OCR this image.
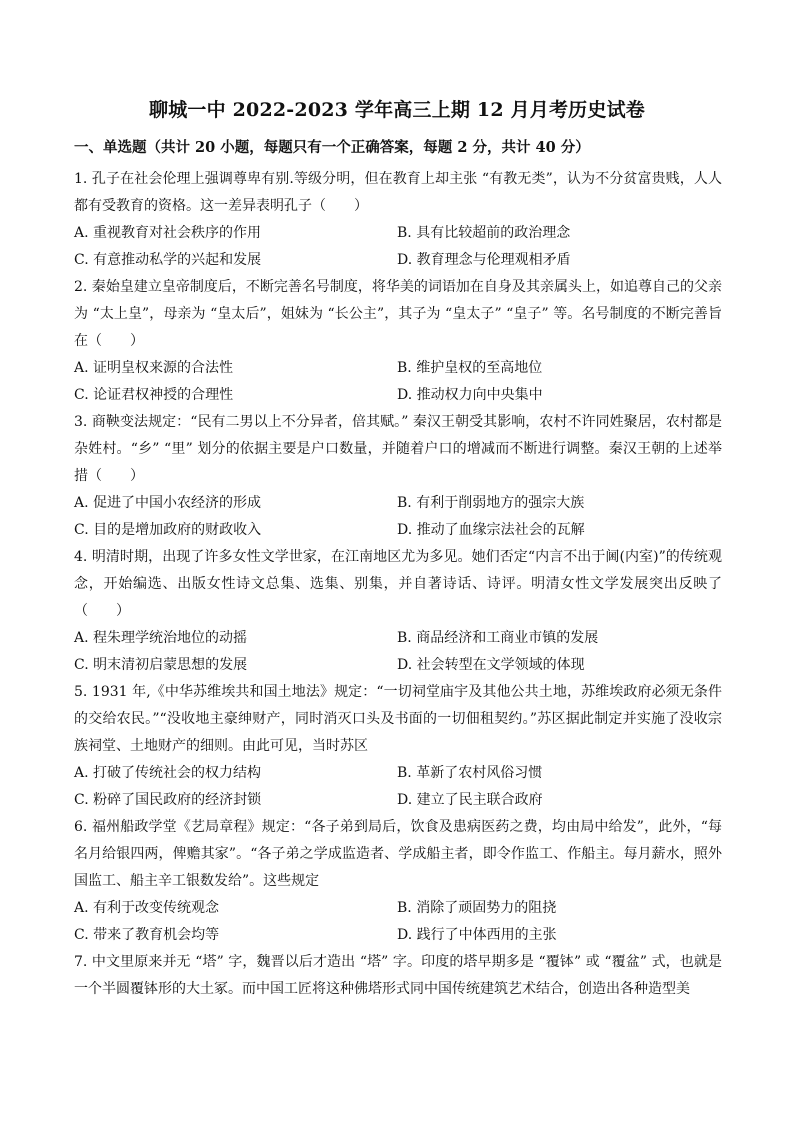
聊城一中 2022-2023 学年高三上期 12 月月考历史试卷
一、单选题（共计 20 小题，每题只有一个正确答案，每题 2 分，共计 40 分）

1. 孔子在社会伦理上强调尊卑有别.等级分明，但在教育上却主张 “有教无类”，认为不分贫富贵贱，人人都有受教育的资格。这一差异表明孔子（　　）

A. 重视教育对社会秩序的作用	B. 具有比较超前的政治理念
C. 有意推动私学的兴起和发展	D. 教育理念与伦理观相矛盾

2. 秦始皇建立皇帝制度后，不断完善名号制度，将华美的词语加在自身及其亲属头上，如追尊自己的父亲为 “太上皇”，母亲为 “皇太后”，姐妹为 “长公主”，其子为 “皇太子” “皇子” 等。名号制度的不断完善旨在（　　）

A. 证明皇权来源的合法性	B. 维护皇权的至高地位
C. 论证君权神授的合理性	D. 推动权力向中央集中

3. 商鞅变法规定：“民有二男以上不分异者，倍其赋。” 秦汉王朝受其影响，农村不许同姓聚居，农村都是杂姓村。“乡” “里” 划分的依据主要是户口数量，并随着户口的增减而不断进行调整。秦汉王朝的上述举措（　　）

A. 促进了中国小农经济的形成	B. 有利于削弱地方的强宗大族
C. 目的是增加政府的财政收入	D. 推动了血缘宗法社会的瓦解

4. 明清时期，出现了许多女性文学世家，在江南地区尤为多见。她们否定“内言不出于阃(内室)”的传统观念，开始编选、出版女性诗文总集、选集、别集，并自著诗话、诗评。明清女性文学发展突出反映了（　　）

A. 程朱理学统治地位的动摇	B. 商品经济和工商业市镇的发展
C. 明末清初启蒙思想的发展	D. 社会转型在文学领域的体现

5. 1931 年,《中华苏维埃共和国土地法》规定：“一切祠堂庙宇及其他公共土地，苏维埃政府必须无条件的交给农民。”“没收地主豪绅财产，同时消灭口头及书面的一切佃租契约。”苏区据此制定并实施了没收宗族祠堂、土地财产的细则。由此可见，当时苏区

A. 打破了传统社会的权力结构	B. 革新了农村风俗习惯
C. 粉碎了国民政府的经济封锁	D. 建立了民主联合政府

6. 福州船政学堂《艺局章程》规定：“各子弟到局后，饮食及患病医药之费，均由局中给发”，此外，“每名月给银四两，俾赡其家”。“各子弟之学成监造者、学成船主者，即令作监工、作船主。每月薪水，照外国监工、船主辛工银数发给”。这些规定

A. 有利于改变传统观念	B. 消除了顽固势力的阻挠
C. 带来了教育机会均等	D. 践行了中体西用的主张

7. 中文里原来并无 “塔” 字，魏晋以后才造出 “塔” 字。印度的塔早期多是 “覆钵” 或 “覆盆” 式，也就是一个半圆覆钵形的大土冢。而中国工匠将这种佛塔形式同中国传统建筑艺术结合，创造出各种造型美
